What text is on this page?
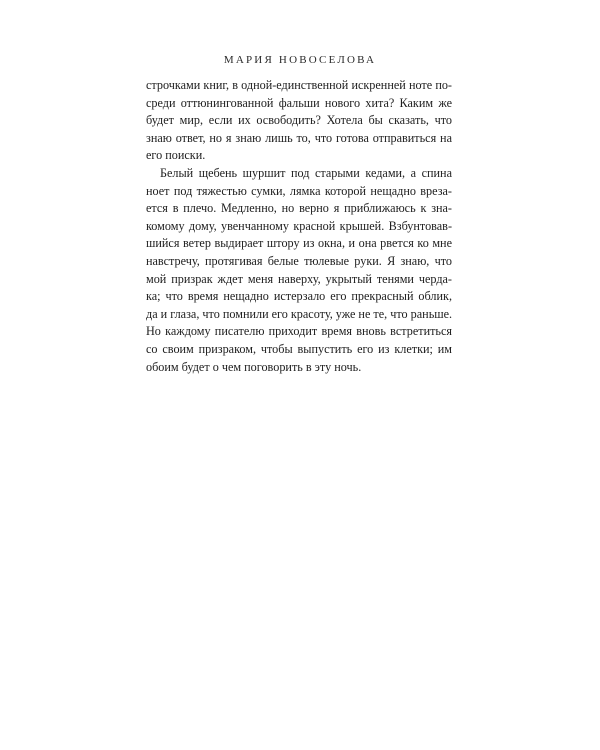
МАРИЯ НОВОСЕЛОВА
строчками книг, в одной-единственной искренней ноте по-
среди оттюнингованной фальши нового хита? Каким же
будет мир, если их освободить? Хотела бы сказать, что
знаю ответ, но я знаю лишь то, что готова отправиться на
его поиски.
Белый щебень шуршит под старыми кедами, а спина
ноет под тяжестью сумки, лямка которой нещадно вреза-
ется в плечо. Медленно, но верно я приближаюсь к зна-
комому дому, увенчанному красной крышей. Взбунтовав-
шийся ветер выдирает штору из окна, и она рвется ко мне
навстречу, протягивая белые тюлевые руки. Я знаю, что
мой призрак ждет меня наверху, укрытый тенями черда-
ка; что время нещадно истерзало его прекрасный облик,
да и глаза, что помнили его красоту, уже не те, что раньше.
Но каждому писателю приходит время вновь встретиться
со своим призраком, чтобы выпустить его из клетки; им
обоим будет о чем поговорить в эту ночь.
